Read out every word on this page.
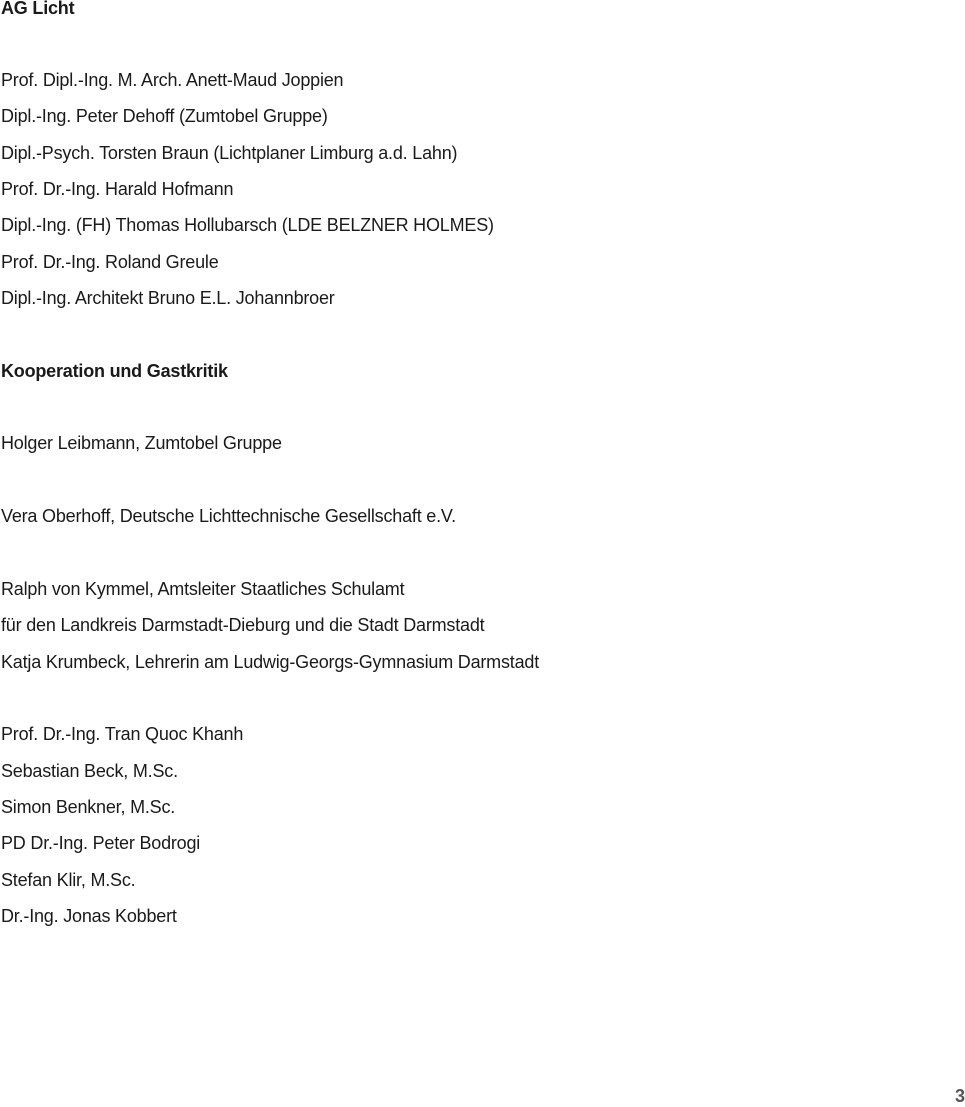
AG Licht
Prof. Dipl.-Ing. M. Arch. Anett-Maud Joppien
Dipl.-Ing. Peter Dehoff (Zumtobel Gruppe)
Dipl.-Psych. Torsten Braun (Lichtplaner Limburg a.d. Lahn)
Prof. Dr.-Ing. Harald Hofmann
Dipl.-Ing. (FH) Thomas Hollubarsch (LDE BELZNER HOLMES)
Prof. Dr.-Ing. Roland Greule
Dipl.-Ing. Architekt Bruno E.L. Johannbroer
Kooperation und Gastkritik
Holger Leibmann, Zumtobel Gruppe
Vera Oberhoff, Deutsche Lichttechnische Gesellschaft e.V.
Ralph von Kymmel, Amtsleiter Staatliches Schulamt
für den Landkreis Darmstadt-Dieburg und die Stadt Darmstadt
Katja Krumbeck, Lehrerin am Ludwig-Georgs-Gymnasium Darmstadt
Prof. Dr.-Ing. Tran Quoc Khanh
Sebastian Beck, M.Sc.
Simon Benkner, M.Sc.
PD Dr.-Ing. Peter Bodrogi
Stefan Klir, M.Sc.
Dr.-Ing. Jonas Kobbert
3
